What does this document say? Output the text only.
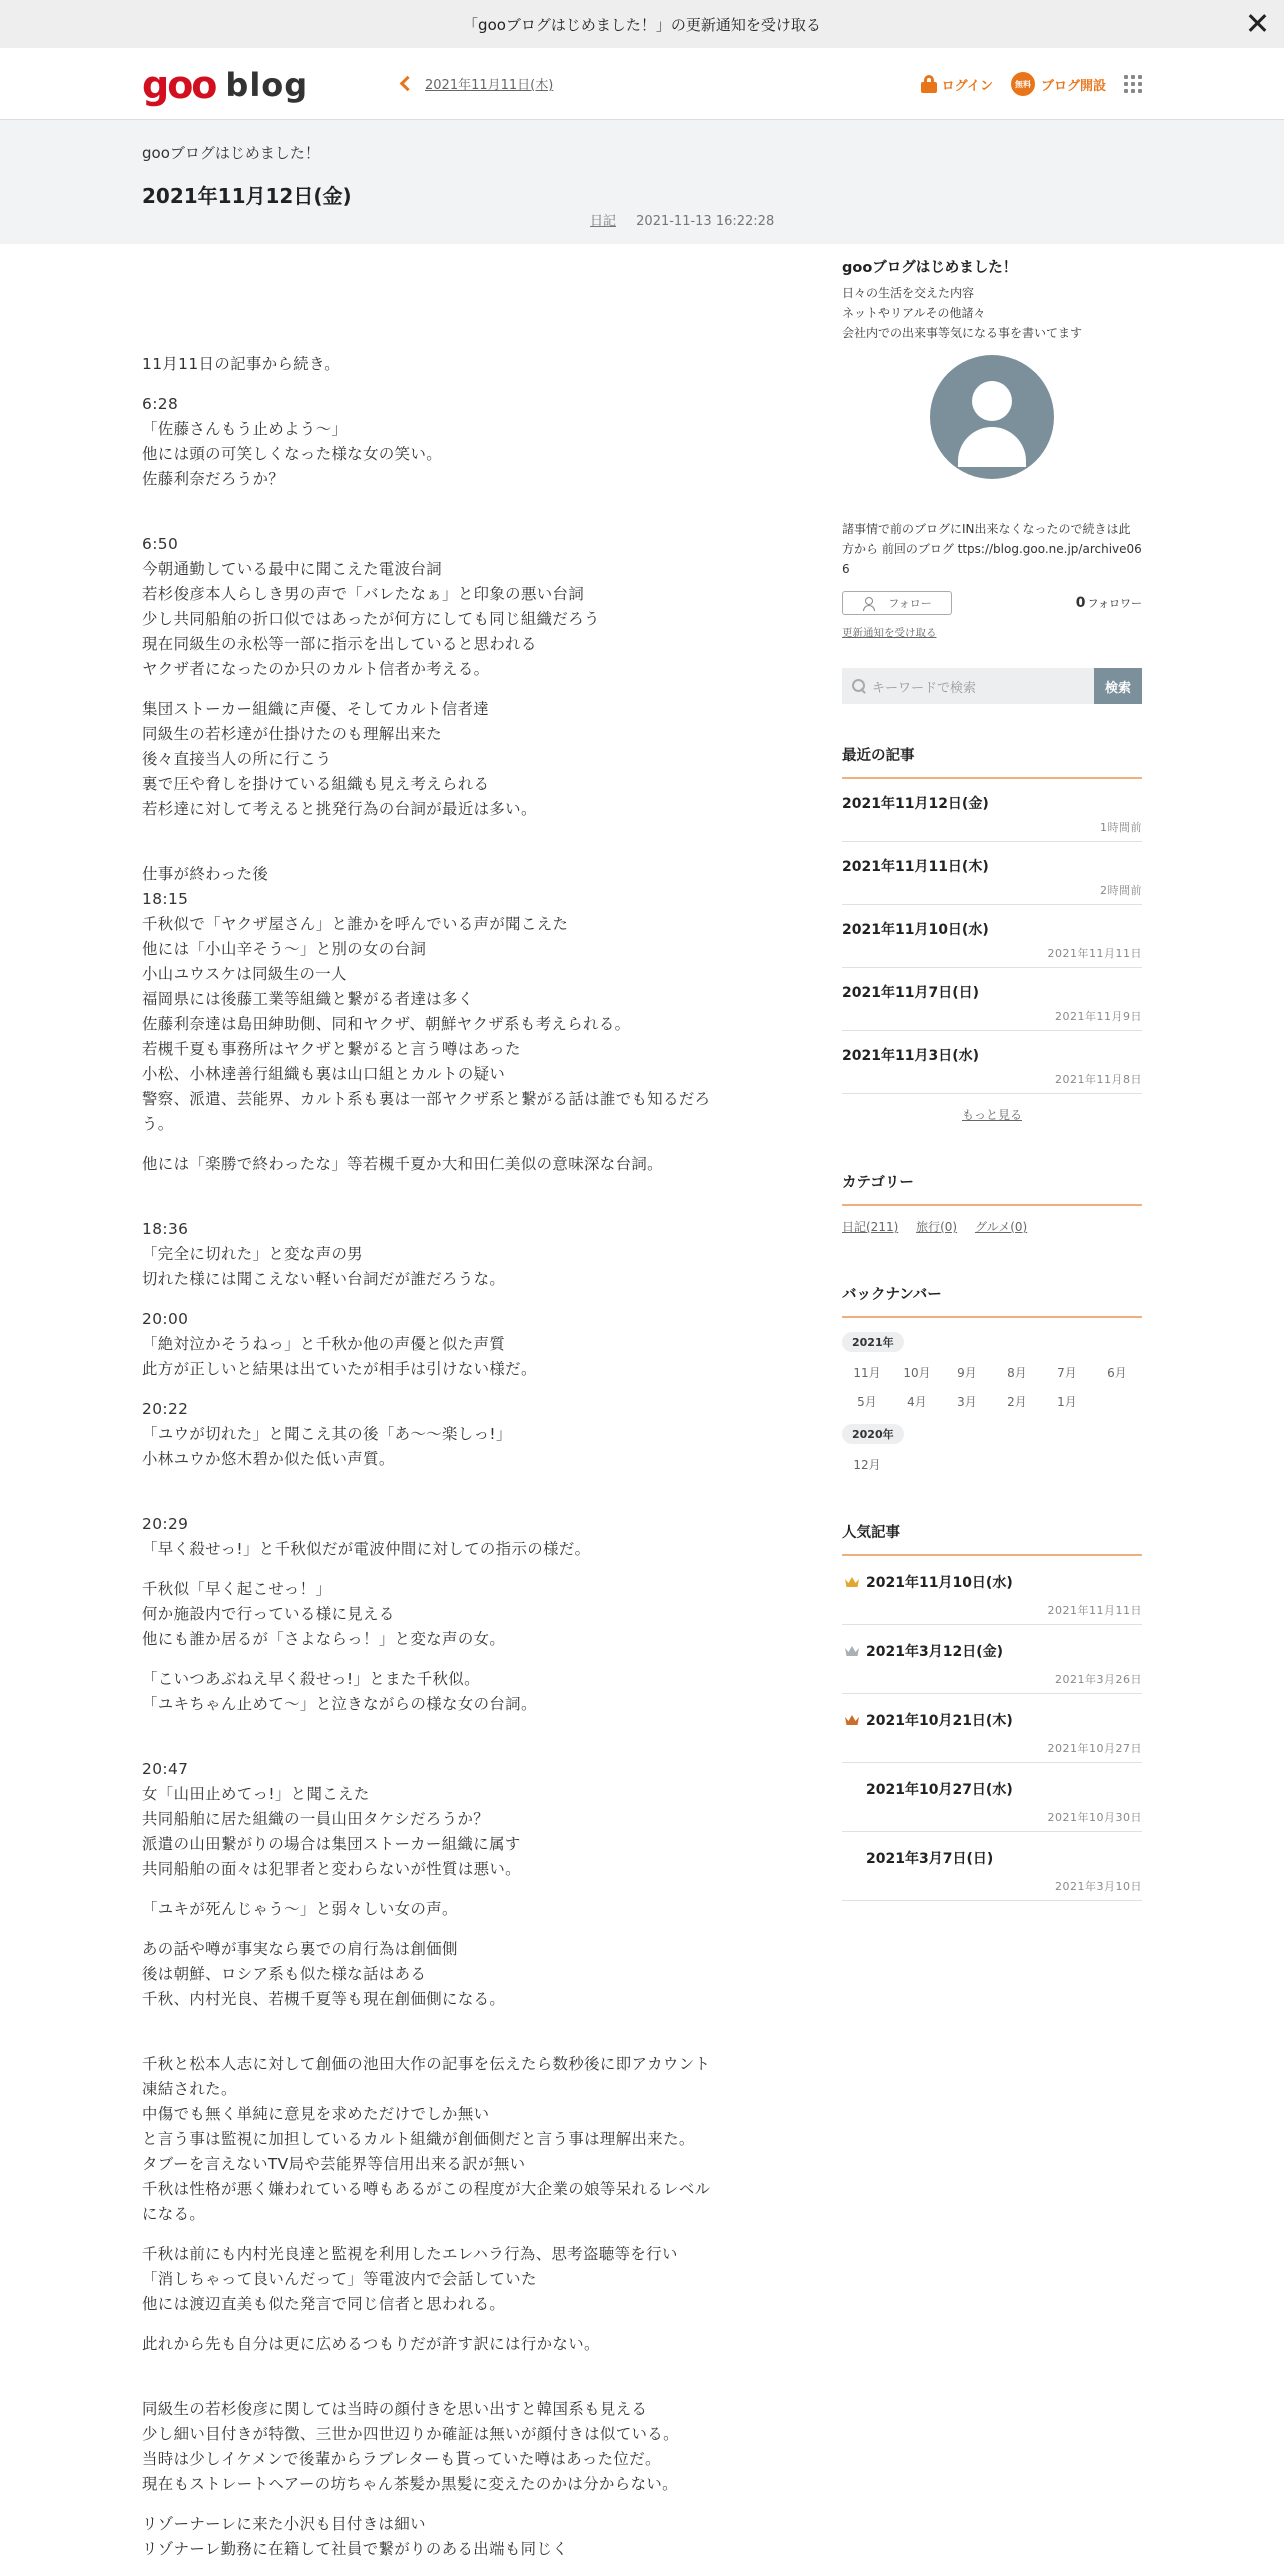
「gooブログはじめました！」の更新通知を受け取る
goo blog	2021年11月11日(木)	ログイン	無料 ブログ開設
gooブログはじめました！
2021年11月12日(金)
日記 2021-11-13 16:22:28

11月11日の記事から続き。

6:28
「佐藤さんもう止めよう～」
他には頭の可笑しくなった様な女の笑い。
佐藤利奈だろうか？

6:50
今朝通勤している最中に聞こえた電波台詞
若杉俊彦本人らしき男の声で「バレたなぁ」と印象の悪い台詞
少し共同船舶の折口似ではあったが何方にしても同じ組織だろう
現在同級生の永松等一部に指示を出していると思われる
ヤクザ者になったのか只のカルト信者か考える。

集団ストーカー組織に声優、そしてカルト信者達
同級生の若杉達が仕掛けたのも理解出来た
後々直接当人の所に行こう
裏で圧や脅しを掛けている組織も見え考えられる
若杉達に対して考えると挑発行為の台詞が最近は多い。

仕事が終わった後
18:15
千秋似で「ヤクザ屋さん」と誰かを呼んでいる声が聞こえた
他には「小山辛そう～」と別の女の台詞
小山ユウスケは同級生の一人
福岡県には後藤工業等組織と繋がる者達は多く
佐藤利奈達は島田紳助側、同和ヤクザ、朝鮮ヤクザ系も考えられる。
若槻千夏も事務所はヤクザと繋がると言う噂はあった
小松、小林達善行組織も裏は山口組とカルトの疑い
警察、派遣、芸能界、カルト系も裏は一部ヤクザ系と繋がる話は誰でも知るだろ
う。

他には「楽勝で終わったな」等若槻千夏か大和田仁美似の意味深な台詞。

18:36
「完全に切れた」と変な声の男
切れた様には聞こえない軽い台詞だが誰だろうな。

20:00
「絶対泣かそうねっ」と千秋か他の声優と似た声質
此方が正しいと結果は出ていたが相手は引けない様だ。

20:22
「ユウが切れた」と聞こえ其の後「あ～～楽しっ!」
小林ユウか悠木碧か似た低い声質。

20:29
「早く殺せっ!」と千秋似だが電波仲間に対しての指示の様だ。

千秋似「早く起こせっ！」
何か施設内で行っている様に見える
他にも誰か居るが「さよならっ！」と変な声の女。

「こいつあぶねえ早く殺せっ!」とまた千秋似。
「ユキちゃん止めて～」と泣きながらの様な女の台詞。

20:47
女「山田止めてっ!」と聞こえた
共同船舶に居た組織の一員山田タケシだろうか？
派遣の山田繋がりの場合は集団ストーカー組織に属す
共同船舶の面々は犯罪者と変わらないが性質は悪い。

「ユキが死んじゃう～」と弱々しい女の声。

あの話や噂が事実なら裏での肩行為は創価側
後は朝鮮、ロシア系も似た様な話はある
千秋、内村光良、若槻千夏等も現在創価側になる。

千秋と松本人志に対して創価の池田大作の記事を伝えたら数秒後に即アカウント
凍結された。
中傷でも無く単純に意見を求めただけでしか無い
と言う事は監視に加担しているカルト組織が創価側だと言う事は理解出来た。
タブーを言えないTV局や芸能界等信用出来る訳が無い
千秋は性格が悪く嫌われている噂もあるがこの程度が大企業の娘等呆れるレベル
になる。

千秋は前にも内村光良達と監視を利用したエレハラ行為、思考盗聴等を行い
「消しちゃって良いんだって」等電波内で会話していた
他には渡辺直美も似た発言で同じ信者と思われる。

此れから先も自分は更に広めるつもりだが許す訳には行かない。

同級生の若杉俊彦に関しては当時の顔付きを思い出すと韓国系も見える
少し細い目付きが特徴、三世か四世辺りか確証は無いが顔付きは似ている。
当時は少しイケメンで後輩からラブレターも貰っていた噂はあった位だ。
現在もストレートヘアーの坊ちゃん茶髪か黒髪に変えたのかは分からない。

リゾーナーレに来た小沢も目付きは細い
リゾナーレ勤務に在籍して社員で繋がりのある出端も同じく

gooブログはじめました！
日々の生活を交えた内容
ネットやリアルその他諸々
会社内での出来事等気になる事を書いてます
諸事情で前のブログにIN出来なくなったので続きは此方から 前回のブログ ttps://blog.goo.ne.jp/archive066
フォロー	0 フォロワー
更新通知を受け取る
キーワードで検索	検索
最近の記事
2021年11月12日(金)
1時間前
2021年11月11日(木)
2時間前
2021年11月10日(水)
2021年11月11日
2021年11月7日(日)
2021年11月9日
2021年11月3日(水)
2021年11月8日
もっと見る
カテゴリー
日記(211) 旅行(0) グルメ(0)
バックナンバー
2021年
11月	10月	9月	8月	7月	6月
5月	4月	3月	2月	1月
2020年
12月
人気記事
2021年11月10日(水)
2021年11月11日
2021年3月12日(金)
2021年3月26日
2021年10月21日(木)
2021年10月27日
2021年10月27日(水)
2021年10月30日
2021年3月7日(日)
2021年3月10日
